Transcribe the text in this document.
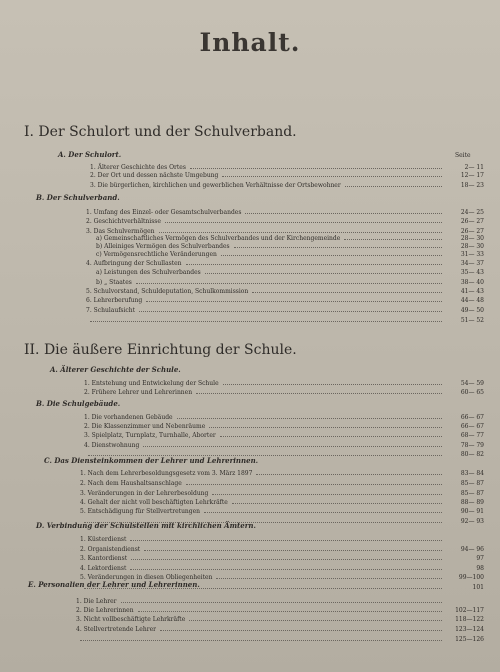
Inhalt.
Seite
I. Der Schulort und der Schulverband.
II. Die äußere Einrichtung der Schule.
A. Der Schulort.
B. Der Schulverband.
A. Älterer Geschichte der Schule.
B. Die Schulgebäude.
C. Das Diensteinkommen der Lehrer und Lehrerinnen.
D. Verbindung der Schulstellen mit kirchlichen Ämtern.
E. Personalien der Lehrer und Lehrerinnen.
1. Älterer Geschichte des Ortes	2— 11
2. Der Ort und dessen nächste Umgebung	12— 17
3. Die bürgerlichen, kirchlichen und gewerblichen Verhältnisse der Ortsbewohner	18— 23
1. Umfang des Einzel- oder Gesamtschulverbandes	24— 25
2. Geschichtverhältnisse	26— 27
3. Das Schulvermögen	26— 27
a) Gemeinschaftliches Vermögen des Schulverbandes und der Kirchengemeinde	28— 30
b) Alleiniges Vermögen des Schulverbandes	28— 30
c) Vermögensrechtliche Veränderungen	31— 33
4. Aufbringung der Schullasten	34— 37
a) Leistungen des Schulverbandes	35— 43
b) „ Staates	38— 40
5. Schulvorstand, Schuldeputation, Schulkommission	41— 43
6. Lehrerberufung	44— 48
7. Schulaufsicht	49— 50
51— 52
1. Entstehung und Entwickelung der Schule	54— 59
2. Frühere Lehrer und Lehrerinnen	60— 65
1. Die vorhandenen Gebäude	66— 67
2. Die Klassenzimmer und Nebenräume	66— 67
3. Spielplatz, Turnplatz, Turnhalle, Aborter	68— 77
4. Dienstwohnung	78— 79
80— 82
1. Nach dem Lehrerbesoldungsgesetz vom 3. März 1897	83— 84
2. Nach dem Haushaltsanschlage	85— 87
3. Veränderungen in der Lehrerbesoldung	85— 87
4. Gehalt der nicht voll beschäftigten Lehrkräfte	88— 89
5. Entschädigung für Stellvertretungen	90— 91
92— 93
1. Küsterdienst
2. Organistendienst	94— 96
3. Kantordienst	97
4. Lektordienst	98
5. Veränderungen in diesen Obliegenheiten	99—100
101
1. Die Lehrer
2. Die Lehrerinnen	102—117
3. Nicht vollbeschäftigte Lehrkräfte	118—122
4. Stellvertretende Lehrer	123—124
125—126
